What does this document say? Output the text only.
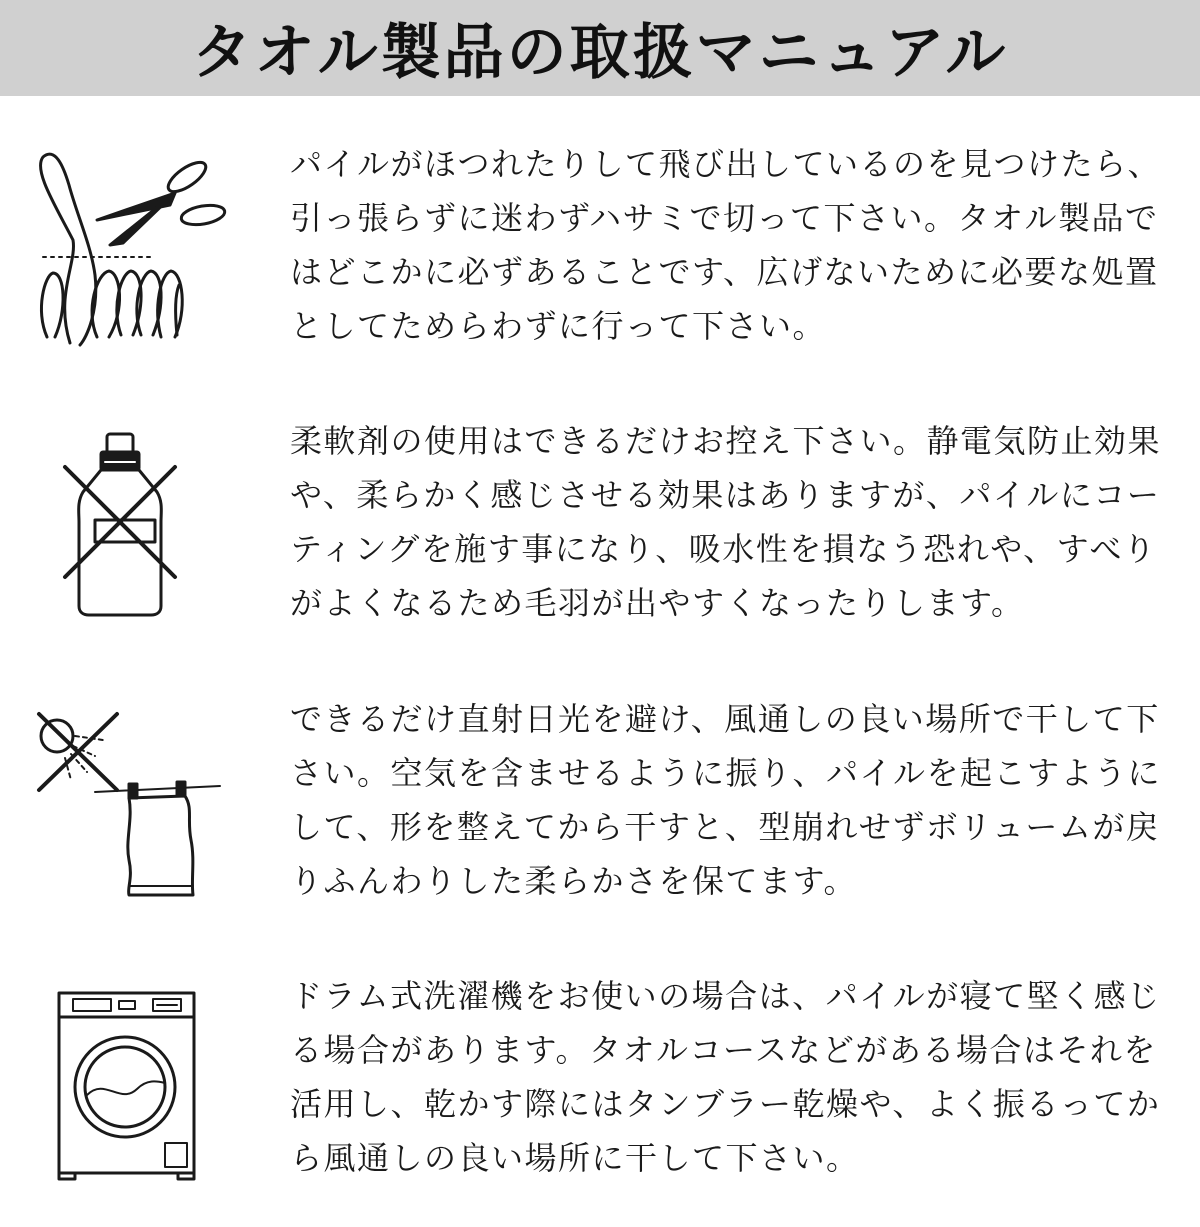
タオル製品の取扱マニュアル

パイルがほつれたりして飛び出しているのを見つけたら、引っ張らずに迷わずハサミで切って下さい。タオル製品ではどこかに必ずあることです、広げないために必要な処置としてためらわずに行って下さい。

柔軟剤の使用はできるだけお控え下さい。静電気防止効果や、柔らかく感じさせる効果はありますが、パイルにコーティングを施す事になり、吸水性を損なう恐れや、すべりがよくなるため毛羽が出やすくなったりします。

できるだけ直射日光を避け、風通しの良い場所で干して下さい。空気を含ませるように振り、パイルを起こすようにして、形を整えてから干すと、型崩れせずボリュームが戻りふんわりした柔らかさを保てます。

ドラム式洗濯機をお使いの場合は、パイルが寝て堅く感じる場合があります。タオルコースなどがある場合はそれを活用し、乾かす際にはタンブラー乾燥や、よく振るってから風通しの良い場所に干して下さい。
